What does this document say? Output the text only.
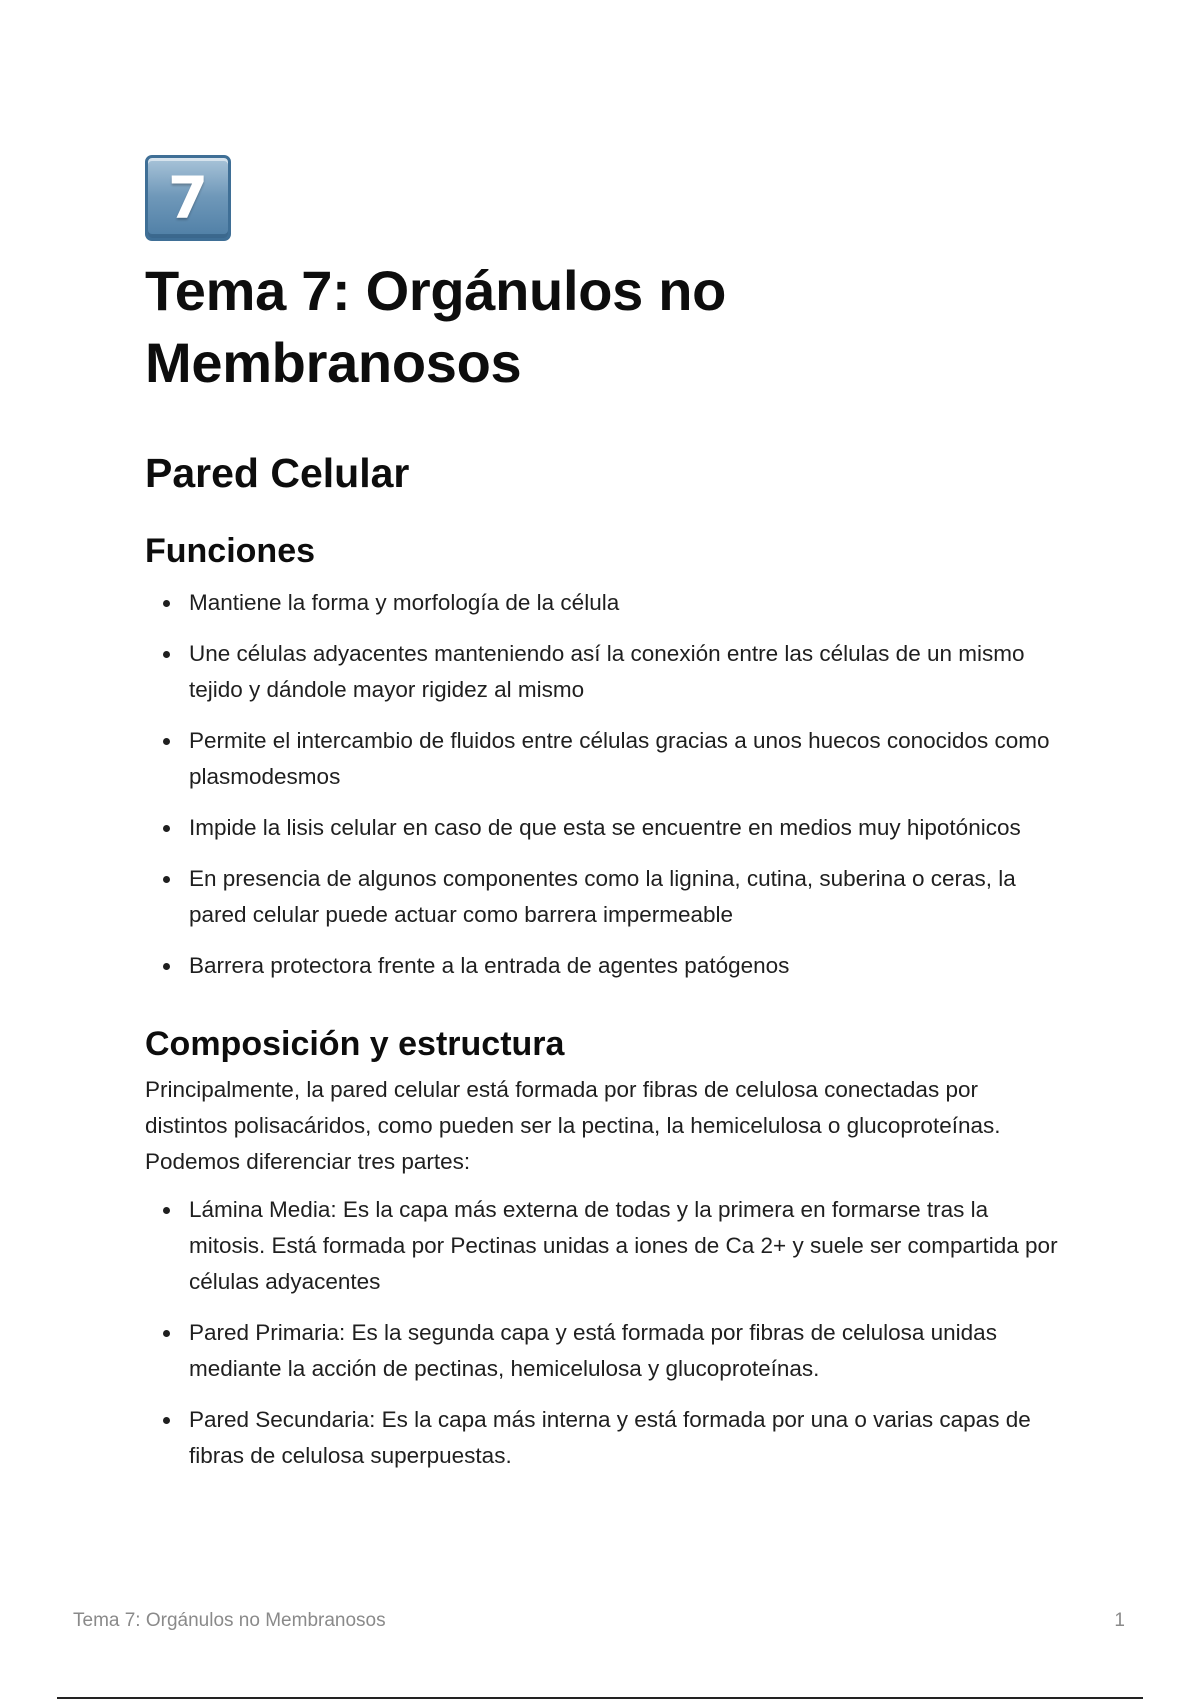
7
Tema 7: Orgánulos no Membranosos
Pared Celular
Funciones
Mantiene la forma y morfología de la célula
Une células adyacentes manteniendo así la conexión entre las células de un mismo tejido y dándole mayor rigidez al mismo
Permite el intercambio de fluidos entre células gracias a unos huecos conocidos como plasmodesmos
Impide la lisis celular en caso de que esta se encuentre en medios muy hipotónicos
En presencia de algunos componentes como la lignina, cutina, suberina o ceras, la pared celular puede actuar como barrera impermeable
Barrera protectora frente a la entrada de agentes patógenos
Composición y estructura

Principalmente, la pared celular está formada por fibras de celulosa conectadas por distintos polisacáridos, como pueden ser la pectina, la hemicelulosa o glucoproteínas. Podemos diferenciar tres partes:

Lámina Media: Es la capa más externa de todas y la primera en formarse tras la mitosis. Está formada por Pectinas unidas a iones de Ca 2+ y suele ser compartida por células adyacentes
Pared Primaria: Es la segunda capa y está formada por fibras de celulosa unidas mediante la acción de pectinas, hemicelulosa y glucoproteínas.
Pared Secundaria: Es la capa más interna y está formada por una o varias capas de fibras de celulosa superpuestas.
Tema 7: Orgánulos no Membranosos	1
